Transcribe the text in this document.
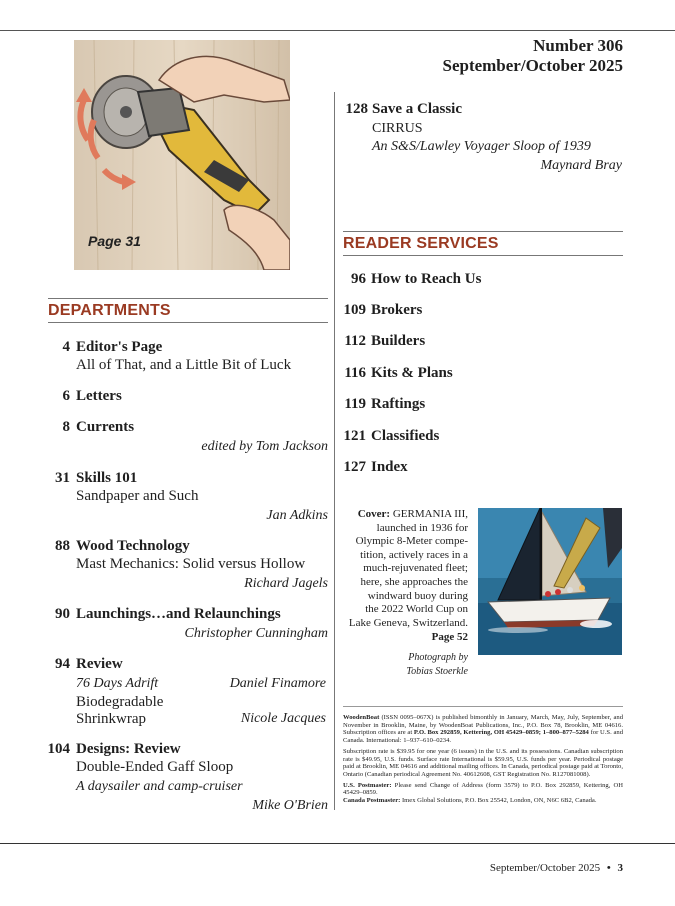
Number 306
September/October 2025
Page 31
DEPARTMENTS
4 Editor's Page
All of That, and a Little Bit of Luck
6 Letters
8 Currents
edited by Tom Jackson
31 Skills 101
Sandpaper and Such
Jan Adkins
88 Wood Technology
Mast Mechanics: Solid versus Hollow
Richard Jagels
90 Launchings…and Relaunchings
Christopher Cunningham
94 Review
76 Days Adrift	Daniel Finamore
Biodegradable
Shrinkwrap	Nicole Jacques
104 Designs: Review
Double-Ended Gaff Sloop
A daysailer and camp-cruiser
Mike O'Brien
128 Save a Classic
CIRRUS
An S&S/Lawley Voyager Sloop of 1939
Maynard Bray
READER SERVICES
96 How to Reach Us
109 Brokers
112 Builders
116 Kits & Plans
119 Raftings
121 Classifieds
127 Index
Cover: GERMANIA III,
launched in 1936 for
Olympic 8-Meter compe-
tition, actively races in a
much-rejuvenated fleet;
here, she approaches the
windward buoy during
the 2022 World Cup on
Lake Geneva, Switzerland.
Page 52
Photograph by
Tobias Stoerkle
WoodenBoat (ISSN 0095–067X) is published bimonthly in January, March, May, July, September, and November in Brooklin, Maine, by WoodenBoat Publications, Inc., P.O. Box 78, Brooklin, ME 04616. Subscription offices are at P.O. Box 292859, Kettering, OH 45429–0859; 1–800–877–5284 for U.S. and Canada. International: 1–937–610–0234.
Subscription rate is $39.95 for one year (6 issues) in the U.S. and its possessions. Canadian subscription rate is $49.95, U.S. funds. Surface rate International is $59.95, U.S. funds per year. Periodical postage paid at Brooklin, ME 04616 and additional mailing offices. In Canada, periodical postage paid at Toronto, Ontario (Canadian periodical Agreement No. 40612608, GST Registration No. R127081008).
U.S. Postmaster: Please send Change of Address (form 3579) to P.O. Box 292859, Kettering, OH 45429–0859.
Canada Postmaster: Imex Global Solutions, P.O. Box 25542, London, ON, N6C 6B2, Canada.
September/October 2025 • 3
